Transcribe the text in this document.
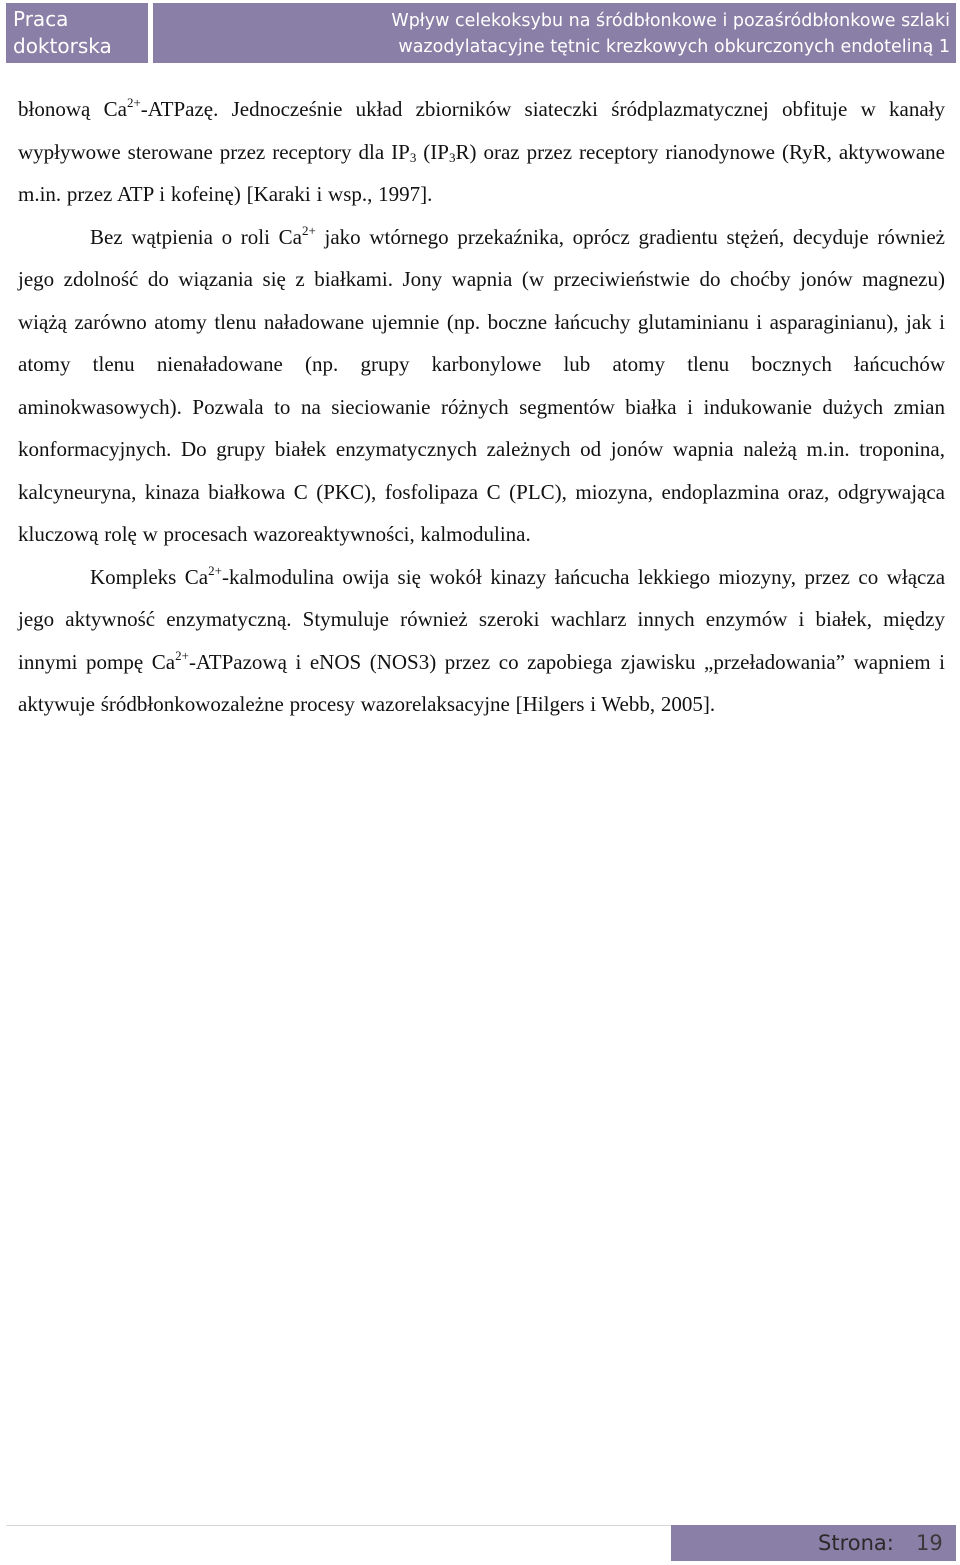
Praca
doktorska
Wpływ celekoksybu na śródbłonkowe i pozaśródbłonkowe szlaki
wazodylatacyjne tętnic krezkowych obkurczonych endoteliną 1

błonową $Ca^{2+}$-ATPazę. Jednocześnie układ zbiorników siateczki śródplazmatycznej obfituje w kanały wypływowe sterowane przez receptory dla $IP_3$ $(IP_3R)$ oraz przez receptory rianodynowe (RyR, aktywowane m.in. przez ATP i kofeinę) [Karaki i wsp., 1997].

Bez wątpienia o roli $Ca^{2+}$ jako wtórnego przekaźnika, oprócz gradientu stężeń, decyduje również jego zdolność do wiązania się z białkami. Jony wapnia (w przeciwieństwie do choćby jonów magnezu) wiążą zarówno atomy tlenu naładowane ujemnie (np. boczne łańcuchy glutaminianu i asparaginianu), jak i atomy tlenu nienaładowane (np. grupy karbonylowe lub atomy tlenu bocznych łańcuchów aminokwasowych). Pozwala to na sieciowanie różnych segmentów białka i indukowanie dużych zmian konformacyjnych. Do grupy białek enzymatycznych zależnych od jonów wapnia należą m.in. troponina, kalcyneuryna, kinaza białkowa C (PKC), fosfolipaza C (PLC), miozyna, endoplazmina oraz, odgrywająca kluczową rolę w procesach wazoreaktywności, kalmodulina.

Kompleks $Ca^{2+}$-kalmodulina owija się wokół kinazy łańcucha lekkiego miozyny, przez co włącza jego aktywność enzymatyczną. Stymuluje również szeroki wachlarz innych enzymów i białek, między innymi pompę $Ca^{2+}$-ATPazową i eNOS (NOS3) przez co zapobiega zjawisku „przeładowania” wapniem i aktywuje śródbłonkowozależne procesy wazorelaksacyjne [Hilgers i Webb, 2005].

Strona: 19
